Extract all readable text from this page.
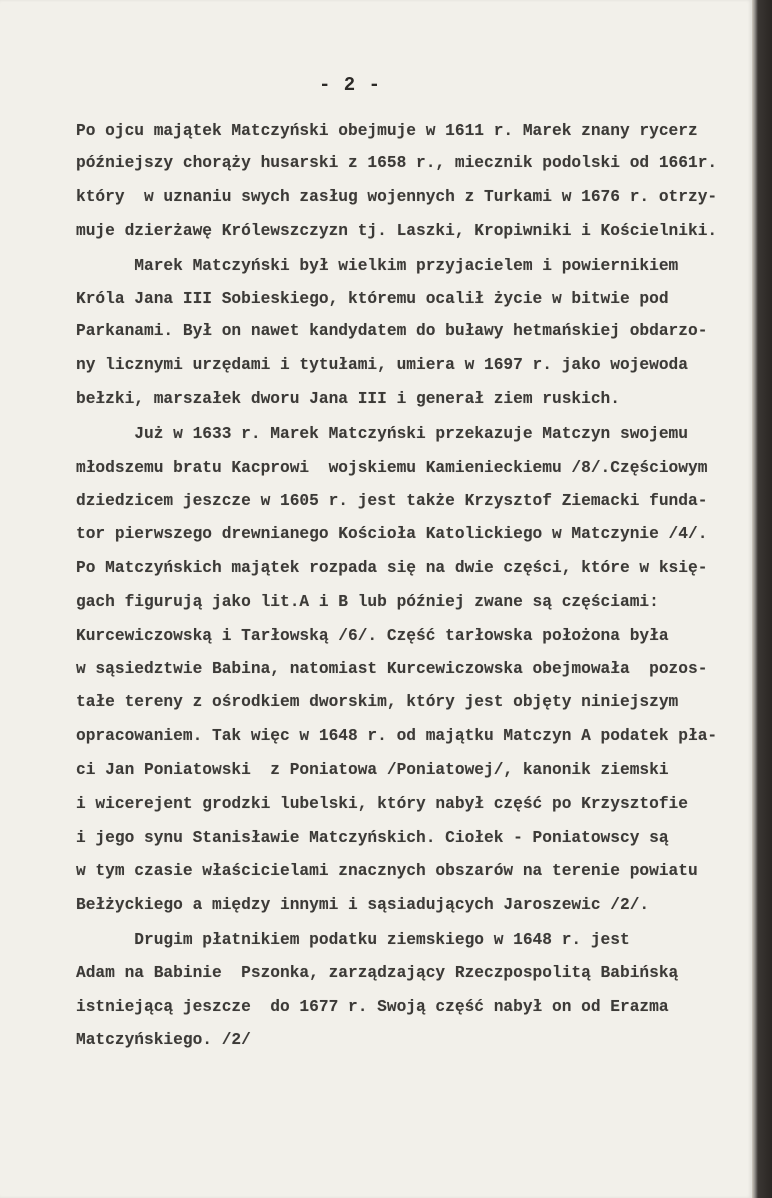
- 2 -
Po ojcu majątek Matczyński obejmuje w 1611 r. Marek znany rycerz
późniejszy chorąży husarski z 1658 r., miecznik podolski od 1661r.
który  w uznaniu swych zasług wojennych z Turkami w 1676 r. otrzy-
muje dzierżawę Królewszczyzn tj. Laszki, Kropiwniki i Kościelniki.
Marek Matczyński był wielkim przyjacielem i powiernikiem
Króla Jana III Sobieskiego, któremu ocalił życie w bitwie pod
Parkanami. Był on nawet kandydatem do buławy hetmańskiej obdarzo-
ny licznymi urzędami i tytułami, umiera w 1697 r. jako wojewoda
bełzki, marszałek dworu Jana III i generał ziem ruskich.
Już w 1633 r. Marek Matczyński przekazuje Matczyn swojemu
młodszemu bratu Kacprowi  wojskiemu Kamienieckiemu /8/.Częściowym
dziedzicem jeszcze w 1605 r. jest także Krzysztof Ziemacki funda-
tor pierwszego drewnianego Kościoła Katolickiego w Matczynie /4/.
Po Matczyńskich majątek rozpada się na dwie części, które w księ-
gach figurują jako lit.A i B lub później zwane są częściami:
Kurcewiczowską i Tarłowską /6/. Część tarłowska położona była
w sąsiedztwie Babina, natomiast Kurcewiczowska obejmowała  pozos-
tałe tereny z ośrodkiem dworskim, który jest objęty niniejszym
opracowaniem. Tak więc w 1648 r. od majątku Matczyn A podatek pła-
ci Jan Poniatowski  z Poniatowa /Poniatowej/, kanonik ziemski
i wicerejent grodzki lubelski, który nabył część po Krzysztofie
i jego synu Stanisławie Matczyńskich. Ciołek - Poniatowscy są
w tym czasie właścicielami znacznych obszarów na terenie powiatu
Bełżyckiego a między innymi i sąsiadujących Jaroszewic /2/.
Drugim płatnikiem podatku ziemskiego w 1648 r. jest
Adam na Babinie  Pszonka, zarządzający Rzeczpospolitą Babińską
istniejącą jeszcze  do 1677 r. Swoją część nabył on od Erazma
Matczyńskiego. /2/
